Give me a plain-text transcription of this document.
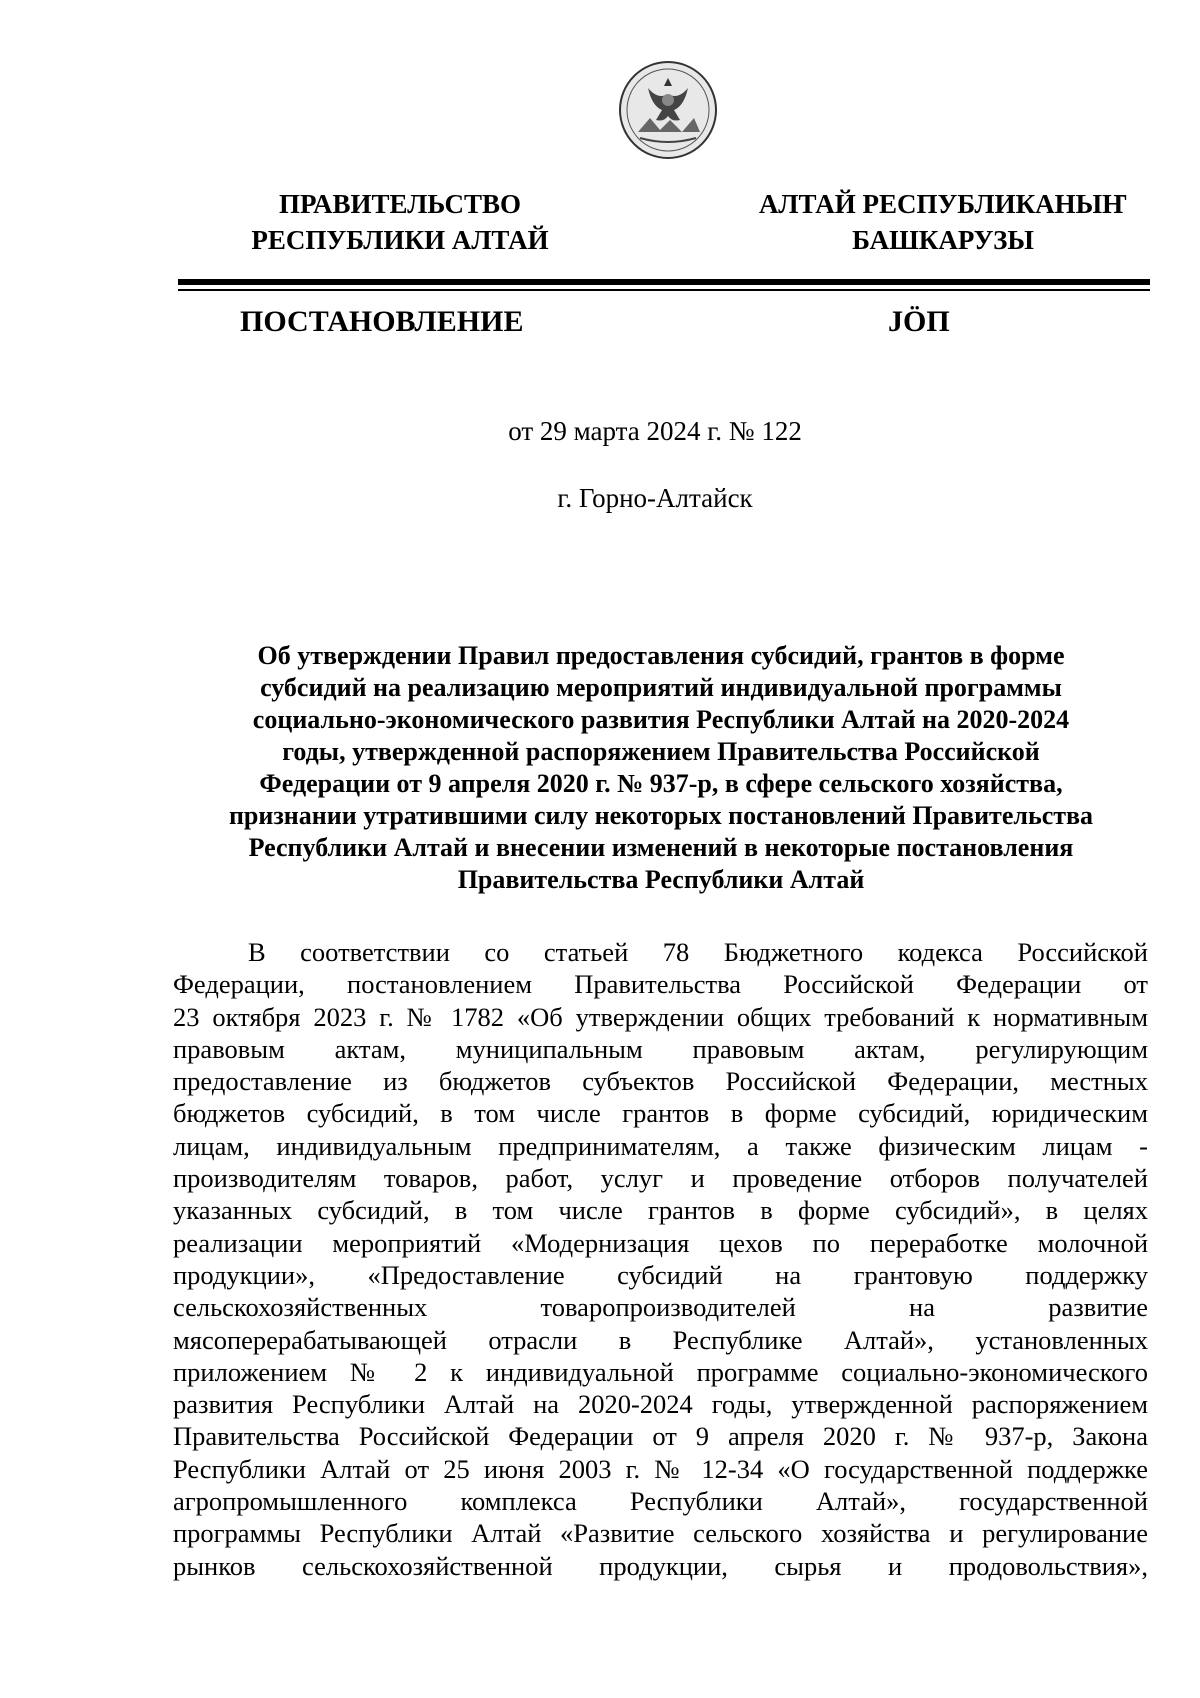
ПРАВИТЕЛЬСТВО
РЕСПУБЛИКИ АЛТАЙ
АЛТАЙ РЕСПУБЛИКАНЫҤ
БАШКАРУЗЫ
ПОСТАНОВЛЕНИЕ	JӦП
от 29 марта 2024 г. № 122
г. Горно-Алтайск
Об утверждении Правил предоставления субсидий, грантов в форме
субсидий на реализацию мероприятий индивидуальной программы
социально-экономического развития Республики Алтай на 2020-2024
годы, утвержденной распоряжением Правительства Российской
Федерации от 9 апреля 2020 г. № 937-р, в сфере сельского хозяйства,
признании утратившими силу некоторых постановлений Правительства
Республики Алтай и внесении изменений в некоторые постановления
Правительства Республики Алтай
В соответствии со статьей 78 Бюджетного кодекса Российской
Федерации, постановлением Правительства Российской Федерации от
23 октября 2023 г. № 1782 «Об утверждении общих требований к нормативным
правовым актам, муниципальным правовым актам, регулирующим
предоставление из бюджетов субъектов Российской Федерации, местных
бюджетов субсидий, в том числе грантов в форме субсидий, юридическим
лицам, индивидуальным предпринимателям, а также физическим лицам -
производителям товаров, работ, услуг и проведение отборов получателей
указанных субсидий, в том числе грантов в форме субсидий», в целях
реализации мероприятий «Модернизация цехов по переработке молочной
продукции», «Предоставление субсидий на грантовую поддержку
сельскохозяйственных товаропроизводителей на развитие
мясоперерабатывающей отрасли в Республике Алтай», установленных
приложением № 2 к индивидуальной программе социально-экономического
развития Республики Алтай на 2020-2024 годы, утвержденной распоряжением
Правительства Российской Федерации от 9 апреля 2020 г. № 937-р, Закона
Республики Алтай от 25 июня 2003 г. № 12-34 «О государственной поддержке
агропромышленного комплекса Республики Алтай», государственной
программы Республики Алтай «Развитие сельского хозяйства и регулирование
рынков сельскохозяйственной продукции, сырья и продовольствия»,
